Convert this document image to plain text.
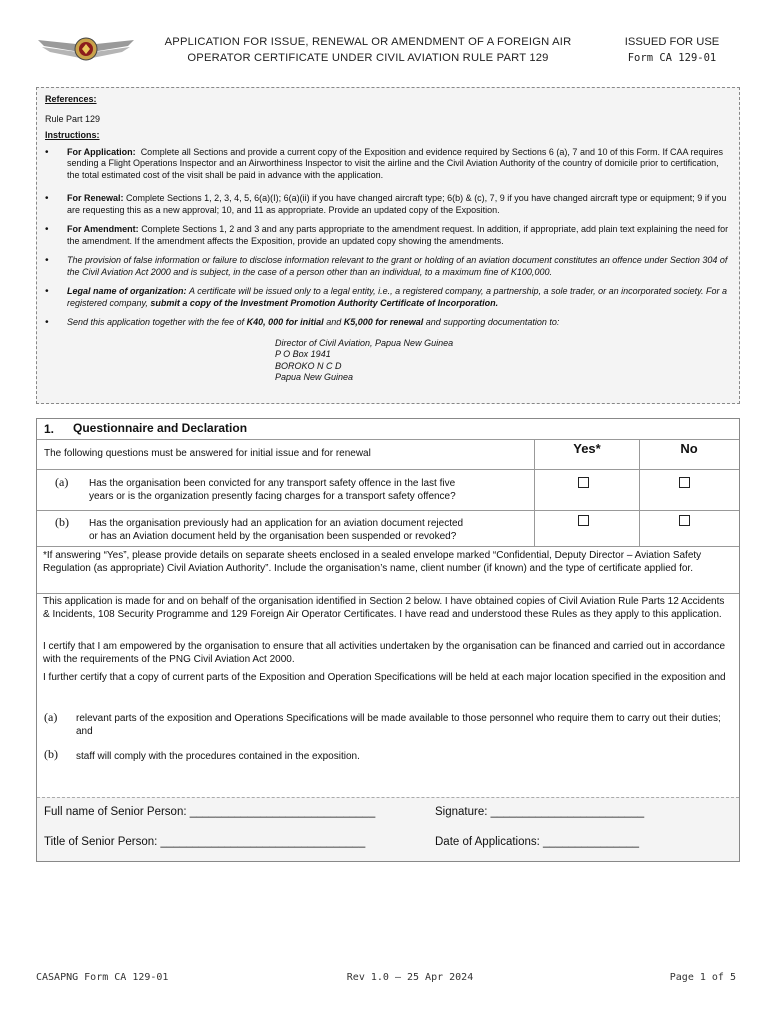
APPLICATION FOR ISSUE, RENEWAL OR AMENDMENT OF A FOREIGN AIR
OPERATOR CERTIFICATE UNDER CIVIL AVIATION RULE PART 129
ISSUED FOR USE
Form CA 129-01

References:

Rule Part 129

Instructions:

• For Application: Complete all Sections and provide a current copy of the Exposition and evidence required by Sections 6 (a), 7 and 10 of this Form. If CAA requires sending a Flight Operations Inspector and an Airworthiness Inspector to visit the airline and the Civil Aviation Authority of the country of domicile prior to certification, the total estimated cost of the visit shall be paid in advance with the application.
• For Renewal: Complete Sections 1, 2, 3, 4, 5, 6(a)(I); 6(a)(ii) if you have changed aircraft type; 6(b) & (c), 7, 9 if you have changed aircraft type or equipment; 9 if you are requesting this as a new approval; 10, and 11 as appropriate. Provide an updated copy of the Exposition.
• For Amendment: Complete Sections 1, 2 and 3 and any parts appropriate to the amendment request. In addition, if appropriate, add plain text explaining the need for the amendment. If the amendment affects the Exposition, provide an updated copy showing the amendments.
• The provision of false information or failure to disclose information relevant to the grant or holding of an aviation document constitutes an offence under Section 304 of the Civil Aviation Act 2000 and is subject, in the case of a person other than an individual, to a maximum fine of K100,000.
• Legal name of organization: A certificate will be issued only to a legal entity, i.e., a registered company, a partnership, a sole trader, or an incorporated society. For a registered company, submit a copy of the Investment Promotion Authority Certificate of Incorporation.
• Send this application together with the fee of K40, 000 for initial and K5,000 for renewal and supporting documentation to:
Director of Civil Aviation, Papua New Guinea
P O Box 1941
BOROKO N C D
Papua New Guinea
1. Questionnaire and Declaration
The following questions must be answered for initial issue and for renewal	Yes*	No
(a) Has the organisation been convicted for any transport safety offence in the last five
years or is the organization presently facing charges for a transport safety offence?
(b) Has the organisation previously had an application for an aviation document rejected
or has an Aviation document held by the organisation been suspended or revoked?
*If answering “Yes”, please provide details on separate sheets enclosed in a sealed envelope marked “Confidential, Deputy Director – Aviation Safety Regulation (as appropriate) Civil Aviation Authority”. Include the organisation’s name, client number (if known) and the type of certificate applied for.
This application is made for and on behalf of the organisation identified in Section 2 below. I have obtained copies of Civil Aviation Rule Parts 12 Accidents & Incidents, 108 Security Programme and 129 Foreign Air Operator Certificates. I have read and understood these Rules as they apply to this application.
I certify that I am empowered by the organisation to ensure that all activities undertaken by the organisation can be financed and carried out in accordance with the requirements of the PNG Civil Aviation Act 2000.
I further certify that a copy of current parts of the Exposition and Operation Specifications will be held at each major location specified in the exposition and
(a) relevant parts of the exposition and Operations Specifications will be made available to those personnel who require them to carry out their duties; and
(b) staff will comply with the procedures contained in the exposition.
Full name of Senior Person: _____________________________	Signature: ________________________
Title of Senior Person: ________________________________	Date of Applications: _______________
CASAPNG Form CA 129-01	Rev 1.0 – 25 Apr 2024	Page 1 of 5
